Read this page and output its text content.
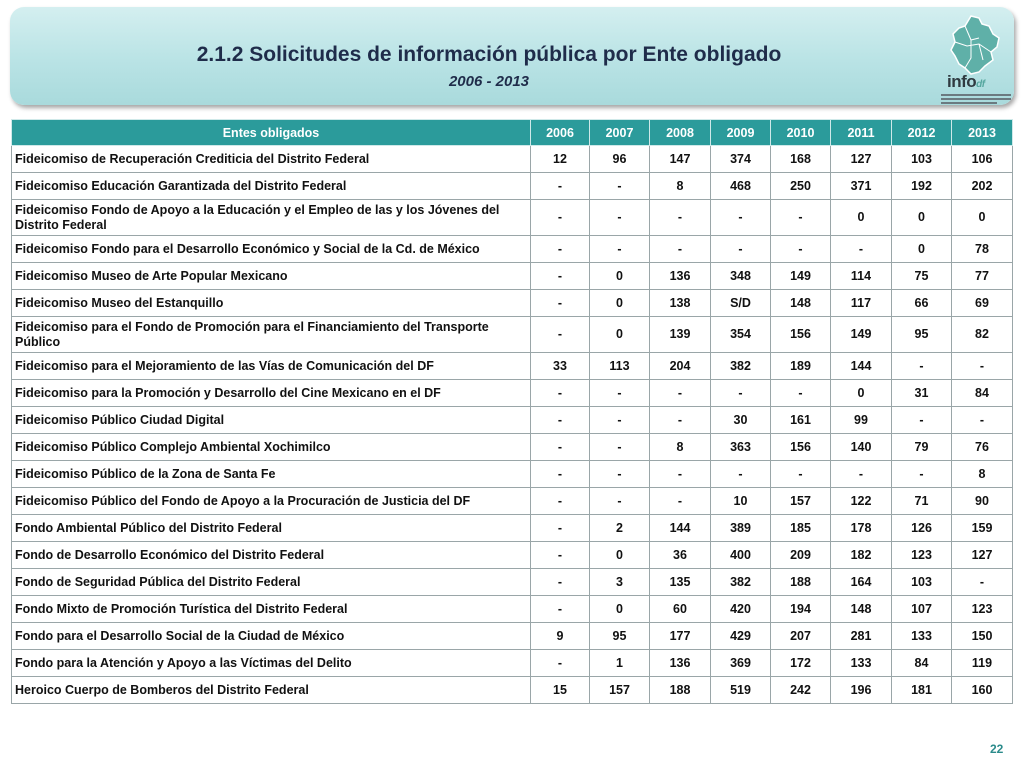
2.1.2 Solicitudes de información pública por Ente obligado
2006 - 2013	infodf
Entes obligados	2006	2007	2008	2009	2010	2011	2012	2013
Fideicomiso de Recuperación Crediticia del Distrito Federal	12	96	147	374	168	127	103	106
Fideicomiso Educación Garantizada del Distrito Federal	-	-	8	468	250	371	192	202
Fideicomiso Fondo de Apoyo a la Educación y el Empleo de las y los Jóvenes del Distrito Federal	-	-	-	-	-	0	0	0
Fideicomiso Fondo para el Desarrollo Económico y Social de la Cd. de México	-	-	-	-	-	-	0	78
Fideicomiso Museo de Arte Popular Mexicano	-	0	136	348	149	114	75	77
Fideicomiso Museo del Estanquillo	-	0	138	S/D	148	117	66	69
Fideicomiso para el Fondo de Promoción para el Financiamiento del Transporte Público	-	0	139	354	156	149	95	82
Fideicomiso para el Mejoramiento de las Vías de Comunicación del DF	33	113	204	382	189	144	-	-
Fideicomiso para la Promoción y Desarrollo del Cine Mexicano en el DF	-	-	-	-	-	0	31	84
Fideicomiso Público Ciudad Digital	-	-	-	30	161	99	-	-
Fideicomiso Público Complejo Ambiental Xochimilco	-	-	8	363	156	140	79	76
Fideicomiso Público de la Zona de Santa Fe	-	-	-	-	-	-	-	8
Fideicomiso Público del Fondo de Apoyo a la Procuración de Justicia del DF	-	-	-	10	157	122	71	90
Fondo Ambiental Público del Distrito Federal	-	2	144	389	185	178	126	159
Fondo de Desarrollo Económico del Distrito Federal	-	0	36	400	209	182	123	127
Fondo de Seguridad Pública del Distrito Federal	-	3	135	382	188	164	103	-
Fondo Mixto de Promoción Turística del Distrito Federal	-	0	60	420	194	148	107	123
Fondo para el Desarrollo Social de la Ciudad de México	9	95	177	429	207	281	133	150
Fondo para la Atención y Apoyo a las Víctimas del Delito	-	1	136	369	172	133	84	119
Heroico Cuerpo de Bomberos del Distrito Federal	15	157	188	519	242	196	181	160
22
